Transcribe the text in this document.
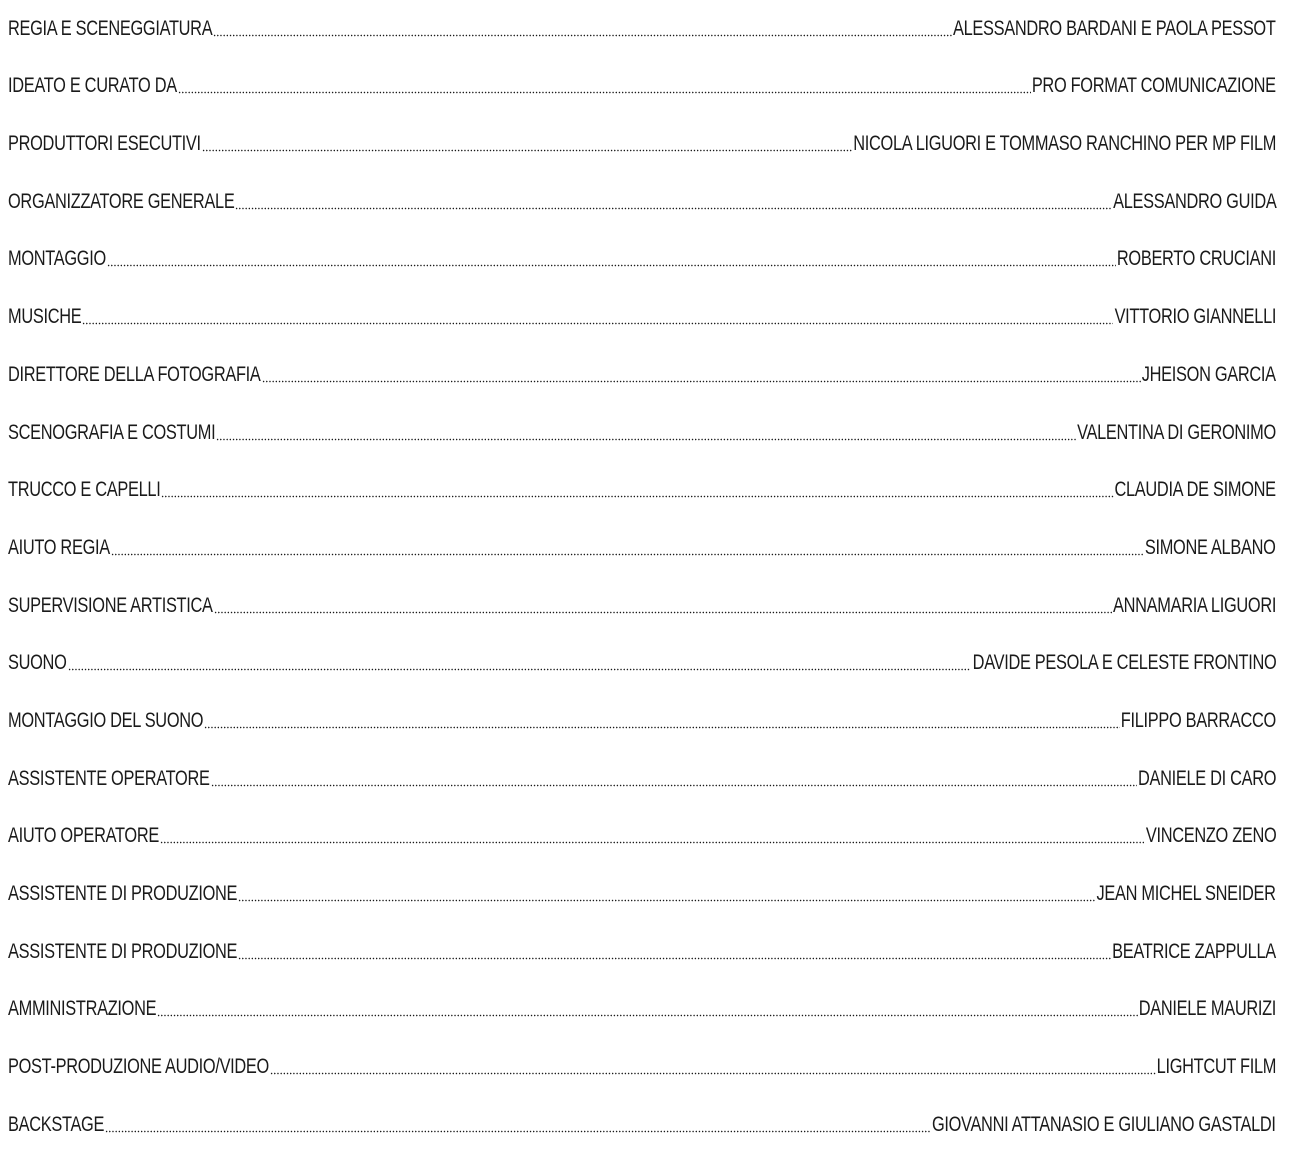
REGIA E SCENEGGIATURA	ALESSANDRO BARDANI E PAOLA PESSOT
IDEATO E CURATO DA	PRO FORMAT COMUNICAZIONE
PRODUTTORI ESECUTIVI	NICOLA LIGUORI E TOMMASO RANCHINO PER MP FILM
ORGANIZZATORE GENERALE	ALESSANDRO GUIDA
MONTAGGIO	ROBERTO CRUCIANI
MUSICHE	VITTORIO GIANNELLI
DIRETTORE DELLA FOTOGRAFIA	JHEISON GARCIA
SCENOGRAFIA E COSTUMI	VALENTINA DI GERONIMO
TRUCCO E CAPELLI	CLAUDIA DE SIMONE
AIUTO REGIA	SIMONE ALBANO
SUPERVISIONE ARTISTICA	ANNAMARIA LIGUORI
SUONO	DAVIDE PESOLA E CELESTE FRONTINO
MONTAGGIO DEL SUONO	FILIPPO BARRACCO
ASSISTENTE OPERATORE	DANIELE DI CARO
AIUTO OPERATORE	VINCENZO ZENO
ASSISTENTE DI PRODUZIONE	JEAN MICHEL SNEIDER
ASSISTENTE DI PRODUZIONE	BEATRICE ZAPPULLA
AMMINISTRAZIONE	DANIELE MAURIZI
POST-PRODUZIONE AUDIO/VIDEO	LIGHTCUT FILM
BACKSTAGE	GIOVANNI ATTANASIO E GIULIANO GASTALDI
